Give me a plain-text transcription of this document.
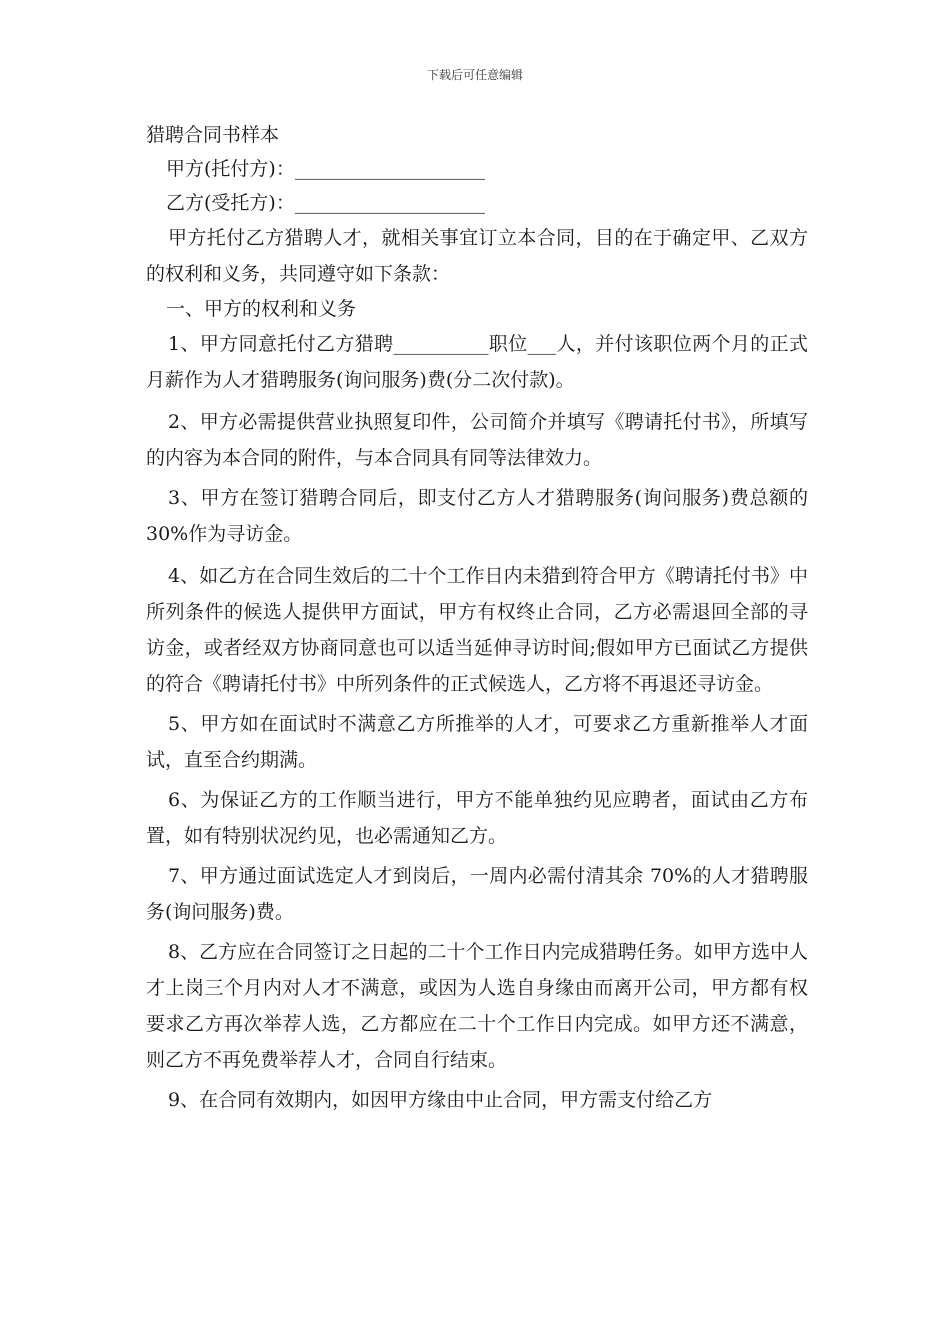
下载后可任意编辑
猎聘合同书样本
甲方(托付方)：____________________
乙方(受托方)：____________________

甲方托付乙方猎聘人才，就相关事宜订立本合同，目的在于确定甲、乙双方的权利和义务，共同遵守如下条款：

一、甲方的权利和义务

1、甲方同意托付乙方猎聘__________职位___人，并付该职位两个月的正式月薪作为人才猎聘服务(询问服务)费(分二次付款)。

2、甲方必需提供营业执照复印件，公司简介并填写《聘请托付书》，所填写的内容为本合同的附件，与本合同具有同等法律效力。

3、甲方在签订猎聘合同后，即支付乙方人才猎聘服务(询问服务)费总额的 30%作为寻访金。

4、如乙方在合同生效后的二十个工作日内未猎到符合甲方《聘请托付书》中所列条件的候选人提供甲方面试，甲方有权终止合同，乙方必需退回全部的寻访金，或者经双方协商同意也可以适当延伸寻访时间;假如甲方已面试乙方提供的符合《聘请托付书》中所列条件的正式候选人，乙方将不再退还寻访金。

5、甲方如在面试时不满意乙方所推举的人才，可要求乙方重新推举人才面试，直至合约期满。

6、为保证乙方的工作顺当进行，甲方不能单独约见应聘者，面试由乙方布置，如有特别状况约见，也必需通知乙方。

7、甲方通过面试选定人才到岗后，一周内必需付清其余 70%的人才猎聘服务(询问服务)费。

8、乙方应在合同签订之日起的二十个工作日内完成猎聘任务。如甲方选中人才上岗三个月内对人才不满意，或因为人选自身缘由而离开公司，甲方都有权要求乙方再次举荐人选，乙方都应在二十个工作日内完成。如甲方还不满意，则乙方不再免费举荐人才，合同自行结束。

9、在合同有效期内，如因甲方缘由中止合同，甲方需支付给乙方
